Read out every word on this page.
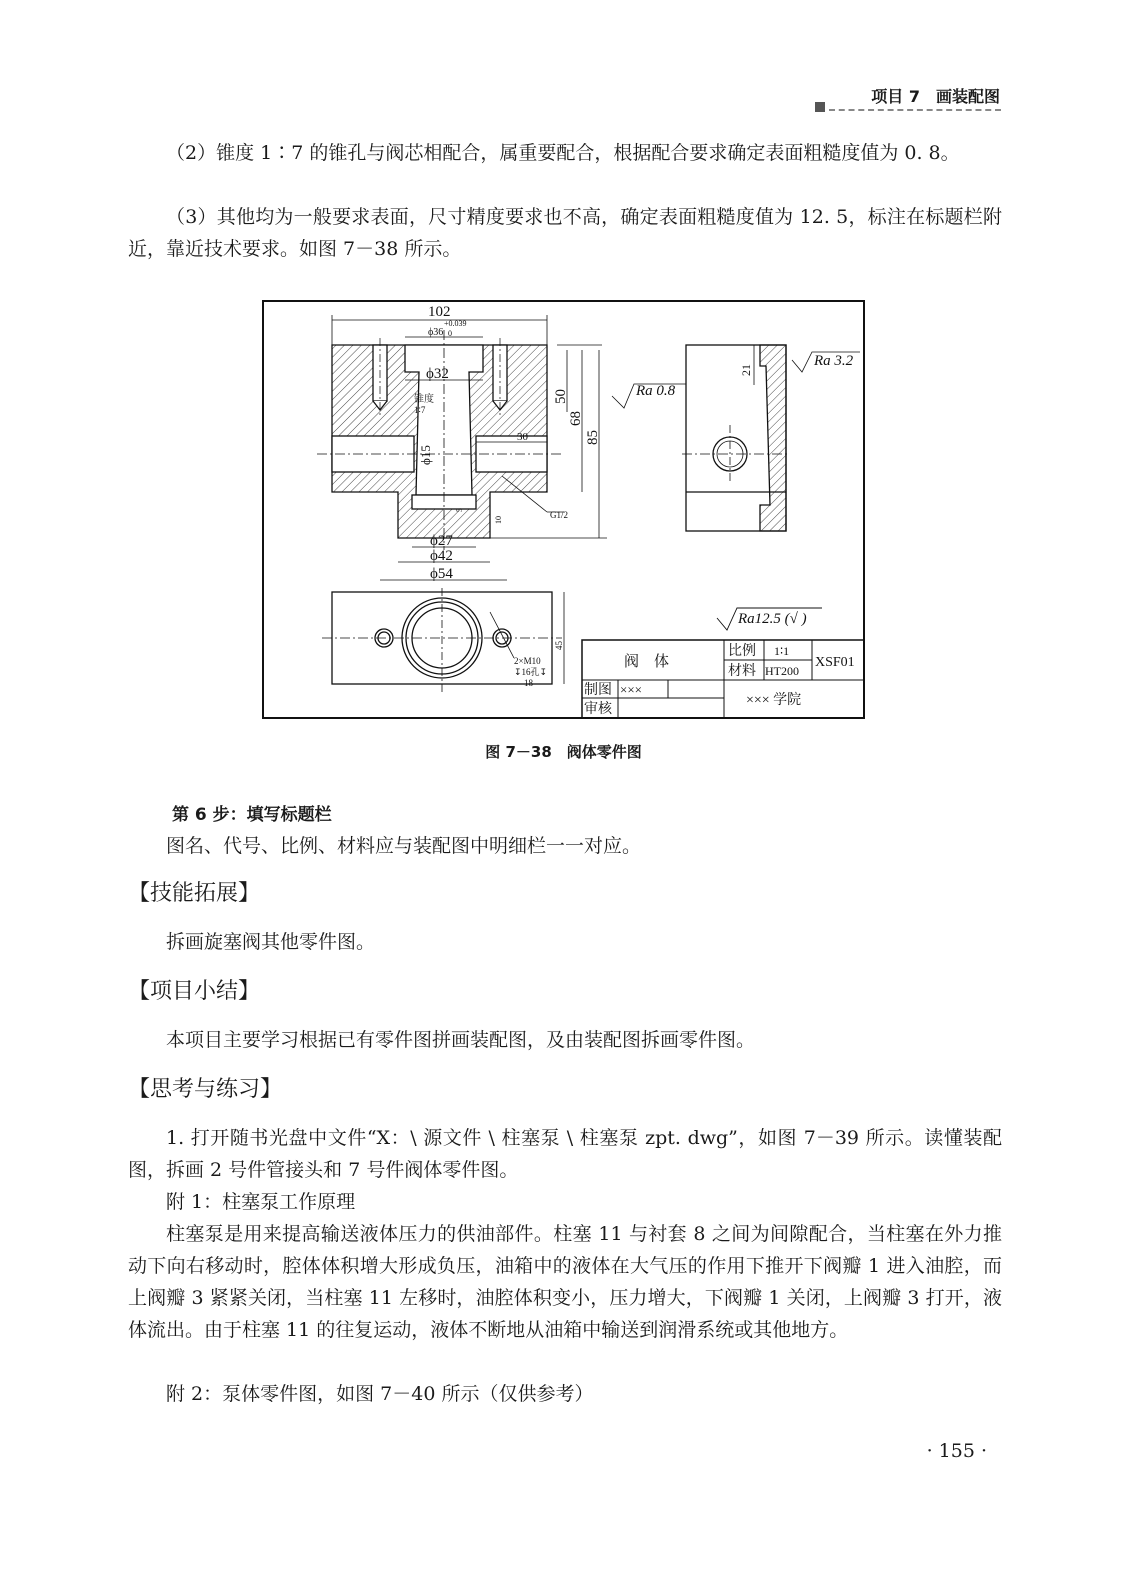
项目 7　画装配图
（2）锥度 1∶7 的锥孔与阀芯相配合，属重要配合，根据配合要求确定表面粗糙度值为 0. 8。
（3）其他均为一般要求表面，尺寸精度要求也不高，确定表面粗糙度值为 12. 5，标注在标题栏附近，靠近技术要求。如图 7－38 所示。
102
ϕ36
+0.039
0
ϕ32
锥度
1∶7
ϕ15
30
50
68
85
5
10	G1/2
ϕ27
ϕ42
ϕ54
Ra 0.8
21
Ra 3.2
45
2×M10
↧16孔↧
18
Ra12.5 (√ )
阀　体
比例 1∶1
材料 HT200
XSF01
制图 ×××
审核
××× 学院
图 7－38　阀体零件图
第 6 步：填写标题栏
图名、代号、比例、材料应与装配图中明细栏一一对应。
【技能拓展】
拆画旋塞阀其他零件图。
【项目小结】
本项目主要学习根据已有零件图拼画装配图，及由装配图拆画零件图。
【思考与练习】
1. 打开随书光盘中文件“X：\ 源文件 \ 柱塞泵 \ 柱塞泵 zpt. dwg”，如图 7－39 所示。读懂装配图，拆画 2 号件管接头和 7 号件阀体零件图。
附 1：柱塞泵工作原理
柱塞泵是用来提高输送液体压力的供油部件。柱塞 11 与衬套 8 之间为间隙配合，当柱塞在外力推动下向右移动时，腔体体积增大形成负压，油箱中的液体在大气压的作用下推开下阀瓣 1 进入油腔，而上阀瓣 3 紧紧关闭，当柱塞 11 左移时，油腔体积变小，压力增大，下阀瓣 1 关闭，上阀瓣 3 打开，液体流出。由于柱塞 11 的往复运动，液体不断地从油箱中输送到润滑系统或其他地方。
附 2：泵体零件图，如图 7－40 所示（仅供参考）
· 155 ·
